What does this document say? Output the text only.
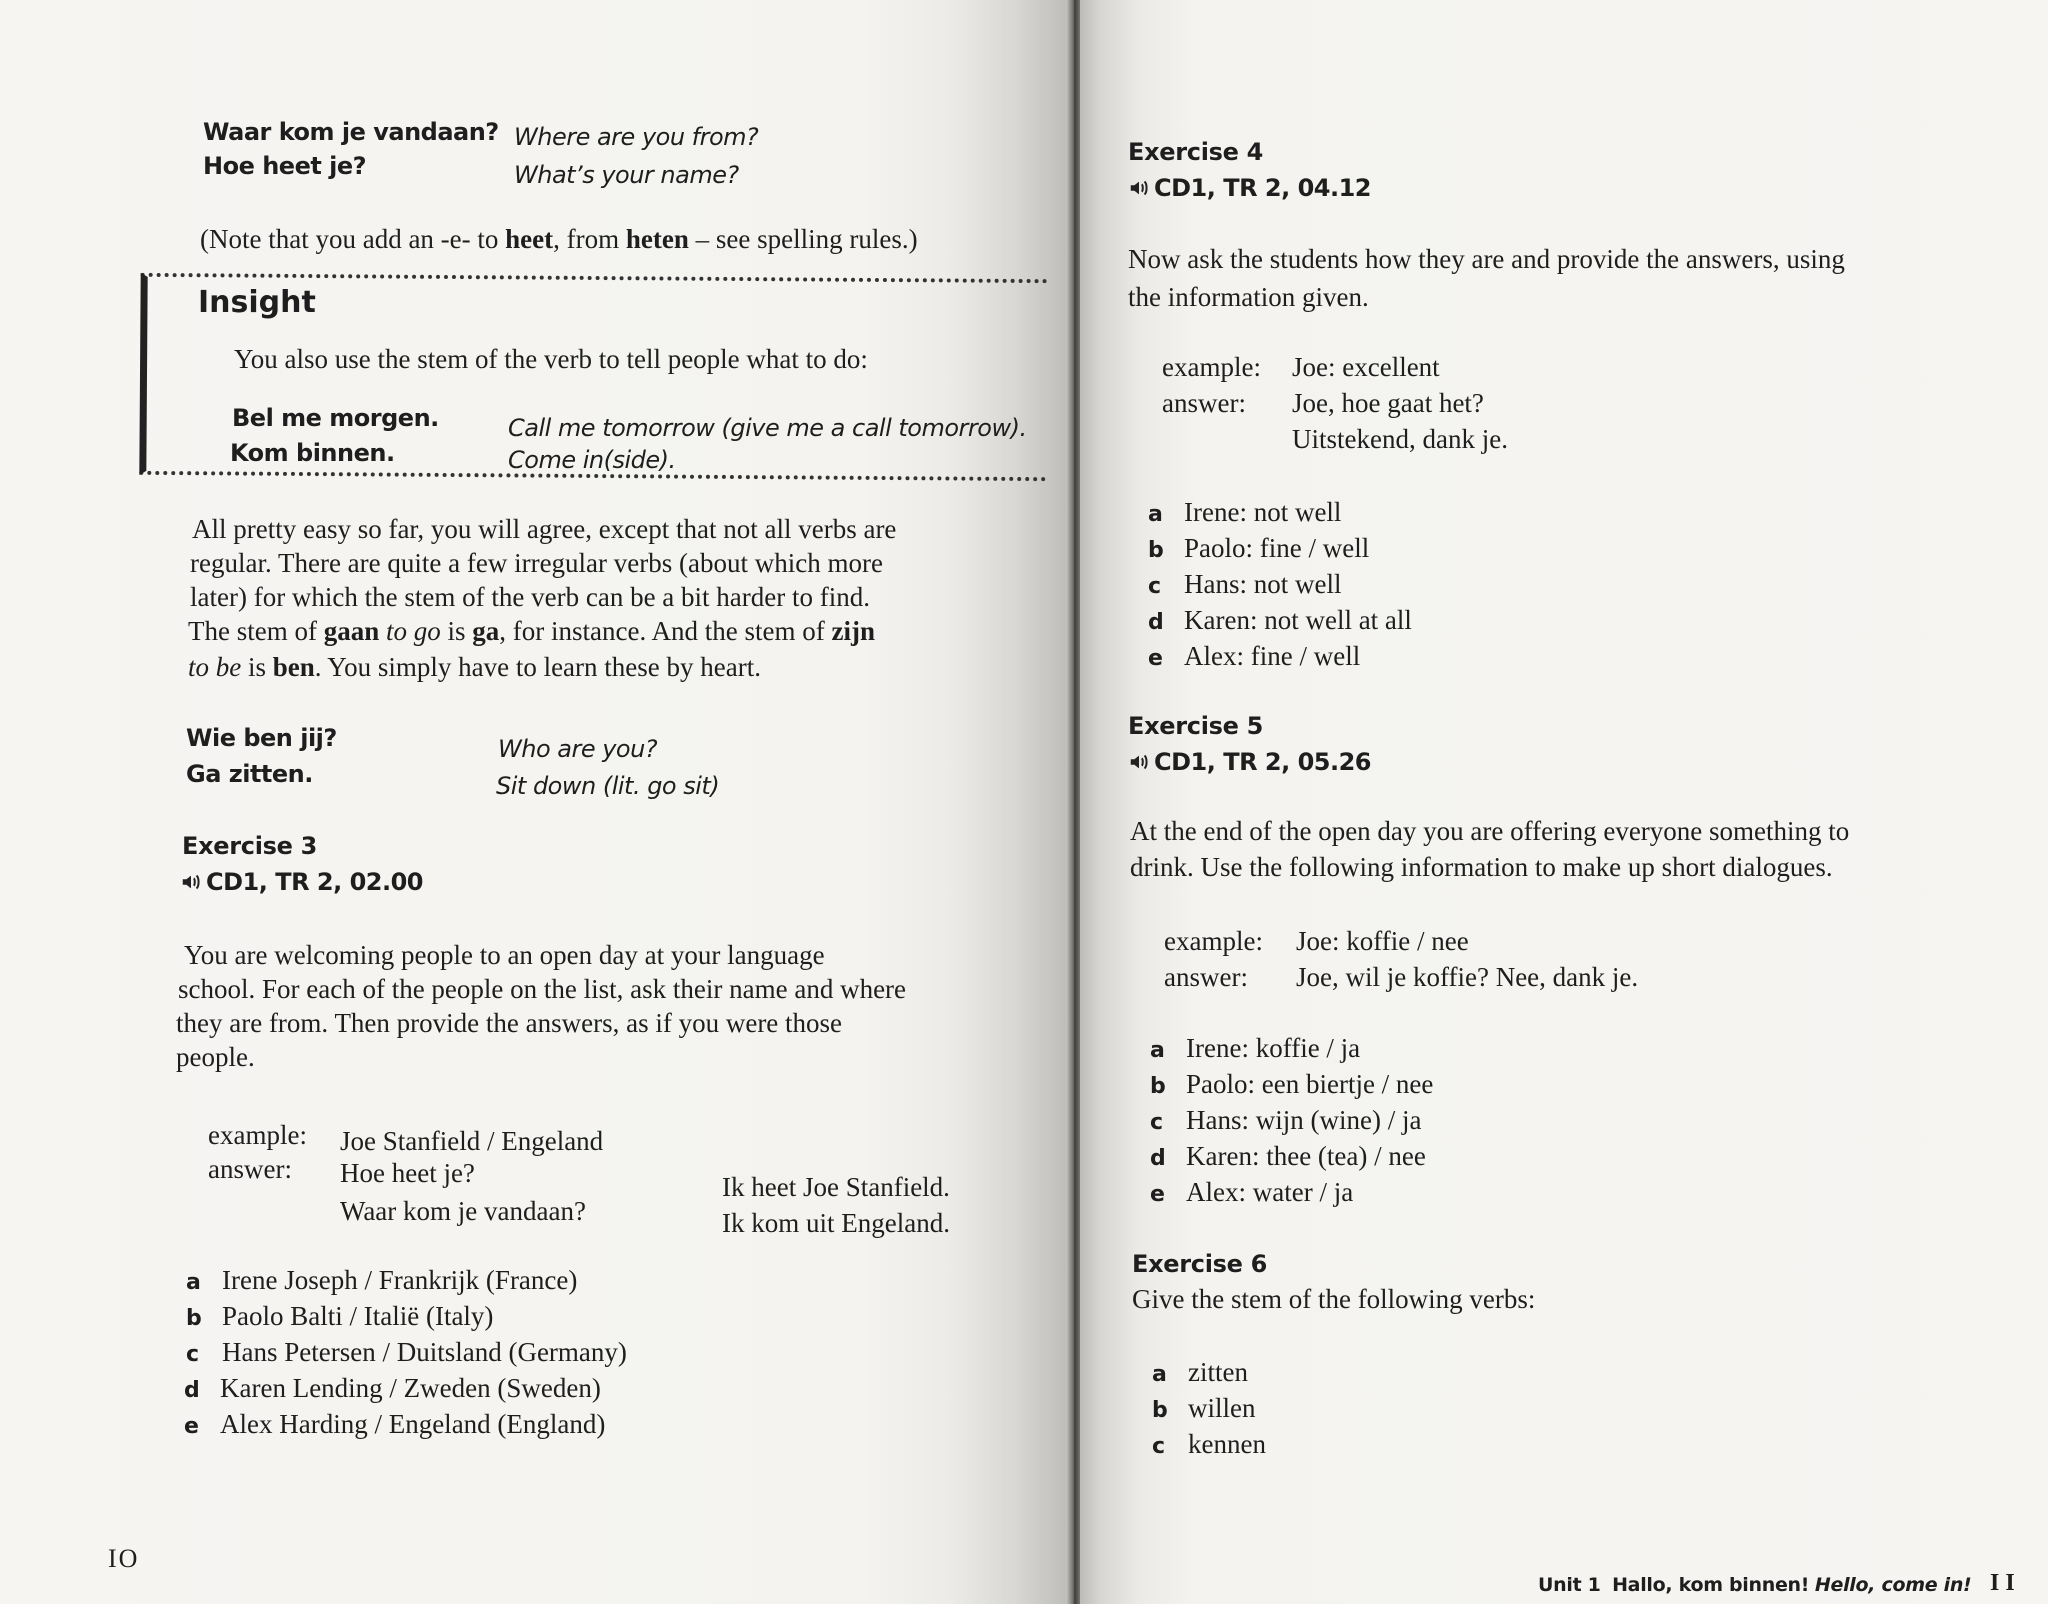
Waar kom je vandaan? Where are you from?
Hoe heet je?	What’s your name?
(Note that you add an -e- to heet, from heten – see spelling rules.)
Insight
You also use the stem of the verb to tell people what to do:
Bel me morgen.	Call me tomorrow (give me a call tomorrow).
Kom binnen.	Come in(side).
All pretty easy so far, you will agree, except that not all verbs are
regular. There are quite a few irregular verbs (about which more
later) for which the stem of the verb can be a bit harder to find.
The stem of gaan to go is ga, for instance. And the stem of zijn
to be is ben. You simply have to learn these by heart.
Wie ben jij?	Who are you?
Ga zitten.	Sit down (lit. go sit)
Exercise 3
CD1, TR 2, 02.00
You are welcoming people to an open day at your language
school. For each of the people on the list, ask their name and where
they are from. Then provide the answers, as if you were those
people.
example: Joe Stanfield / Engeland
answer: Hoe heet je?
Waar kom je vandaan?
Ik heet Joe Stanfield.
Ik kom uit Engeland.
a Irene Joseph / Frankrijk (France)
b Paolo Balti / Italië (Italy)
c Hans Petersen / Duitsland (Germany)
d Karen Lending / Zweden (Sweden)
e Alex Harding / Engeland (England)
IO
Exercise 4
CD1, TR 2, 04.12
Now ask the students how they are and provide the answers, using
the information given.
example: Joe: excellent
answer: Joe, hoe gaat het?
Uitstekend, dank je.
a Irene: not well
b Paolo: fine / well
c Hans: not well
d Karen: not well at all
e Alex: fine / well
Exercise 5
CD1, TR 2, 05.26
At the end of the open day you are offering everyone something to
drink. Use the following information to make up short dialogues.
example: Joe: koffie / nee
answer: Joe, wil je koffie? Nee, dank je.
a Irene: koffie / ja
b Paolo: een biertje / nee
c Hans: wijn (wine) / ja
d Karen: thee (tea) / nee
e Alex: water / ja
Exercise 6
Give the stem of the following verbs:
a zitten
b willen
c kennen
Unit 1 Hallo, kom binnen! Hello, come in! I I
